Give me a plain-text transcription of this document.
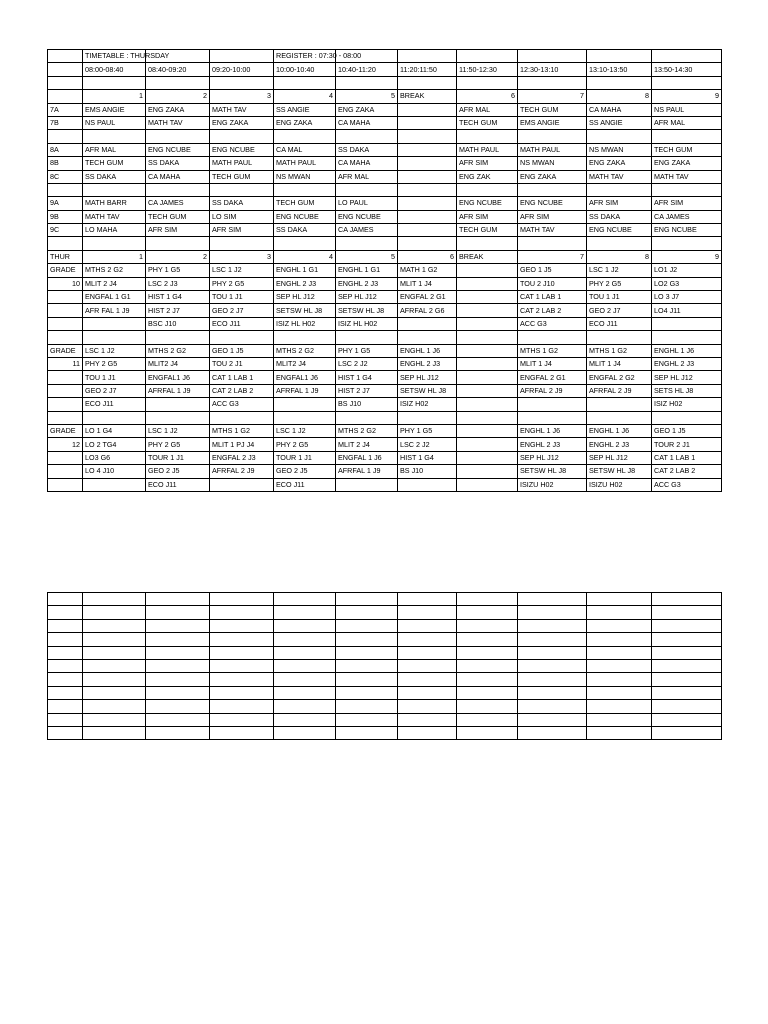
	TIMETABLE : THURSDAY			REGISTER : 07:30 - 08:00						
	08:00-08:40	08:40-09:20	09:20-10:00	10:00-10:40	10:40-11:20	11:20:11:50	11:50-12:30	12:30-13:10	13:10-13:50	13:50-14:30

	1	2	3	4	5	BREAK	6	7	8	9
7A	EMS ANGIE	ENG ZAKA	MATH TAV	SS ANGIE	ENG ZAKA		AFR MAL	TECH GUM	CA MAHA	NS PAUL
7B	NS PAUL	MATH TAV	ENG ZAKA	ENG ZAKA	CA MAHA		TECH GUM	EMS ANGIE	SS ANGIE	AFR MAL

8A	AFR MAL	ENG NCUBE	ENG NCUBE	CA MAL	SS DAKA		MATH PAUL	MATH PAUL	NS MWAN	TECH GUM
8B	TECH GUM	SS DAKA	MATH PAUL	MATH PAUL	CA MAHA		AFR SIM	NS MWAN	ENG ZAKA	ENG ZAKA
8C	SS DAKA	CA MAHA	TECH GUM	NS MWAN	AFR MAL		ENG ZAK	ENG ZAKA	MATH TAV	MATH TAV

9A	MATH BARR	CA JAMES	SS DAKA	TECH GUM	LO PAUL		ENG NCUBE	ENG NCUBE	AFR SIM	AFR SIM
9B	MATH TAV	TECH GUM	LO SIM	ENG NCUBE	ENG NCUBE		AFR SIM	AFR SIM	SS DAKA	CA JAMES
9C	LO MAHA	AFR SIM	AFR SIM	SS DAKA	CA JAMES		TECH GUM	MATH TAV	ENG NCUBE	ENG NCUBE

THUR	1	2	3	4	5	6	BREAK	7	8	9
GRADE	MTHS 2 G2	PHY 1 G5	LSC 1 J2	ENGHL 1 G1	ENGHL 1 G1	MATH 1 G2		GEO 1 J5	LSC 1 J2	LO1 J2
10	MLIT 2 J4	LSC 2 J3	PHY 2 G5	ENGHL 2 J3	ENGHL 2 J3	MLIT 1 J4		TOU 2 J10	PHY 2 G5	LO2 G3
	ENGFAL 1 G1	HIST 1 G4	TOU 1 J1	SEP HL J12	SEP HL J12	ENGFAL 2 G1		CAT 1 LAB 1	TOU 1 J1	LO 3 J7
	AFR FAL 1 J9	HIST 2 J7	GEO 2 J7	SETSW HL J8	SETSW HL J8	AFRFAL 2 G6		CAT 2 LAB 2	GEO 2 J7	LO4 J11
		BSC J10	ECO J11	ISIZ HL H02	ISIZ HL H02			ACC G3	ECO J11	

GRADE	LSC 1 J2	MTHS 2 G2	GEO 1 J5	MTHS 2 G2	PHY 1 G5	ENGHL 1 J6		MTHS 1 G2	MTHS 1 G2	ENGHL 1 J6
11	PHY 2 G5	MLIT2 J4	TOU 2 J1	MLIT2 J4	LSC 2 J2	ENGHL 2 J3		MLIT 1 J4	MLIT 1 J4	ENGHL 2 J3
	TOU 1 J1	ENGFAL1 J6	CAT 1 LAB 1	ENGFAL1 J6	HIST 1 G4	SEP HL J12		ENGFAL 2 G1	ENGFAL 2 G2	SEP HL J12
	GEO 2 J7	AFRFAL 1 J9	CAT 2 LAB 2	AFRFAL 1 J9	HIST 2 J7	SETSW HL J8		AFRFAL 2 J9	AFRFAL 2 J9	SETS HL J8
	ECO J11		ACC G3		BS J10	ISIZ H02				ISIZ H02

GRADE	LO 1 G4	LSC 1 J2	MTHS 1 G2	LSC 1 J2	MTHS 2 G2	PHY 1 G5		ENGHL 1 J6	ENGHL 1 J6	GEO 1 J5
12	LO 2 TG4	PHY 2 G5	MLIT 1 PJ J4	PHY 2 G5	MLIT 2 J4	LSC 2 J2		ENGHL 2 J3	ENGHL 2 J3	TOUR 2 J1
	LO3 G6	TOUR 1 J1	ENGFAL 2 J3	TOUR 1 J1	ENGFAL 1 J6	HIST 1 G4		SEP HL J12	SEP HL J12	CAT 1 LAB 1
	LO 4 J10	GEO 2 J5	AFRFAL 2 J9	GEO 2 J5	AFRFAL 1 J9	BS J10		SETSW HL J8	SETSW HL J8	CAT 2 LAB 2
		ECO J11		ECO J11				ISIZU H02	ISIZU H02	ACC G3
